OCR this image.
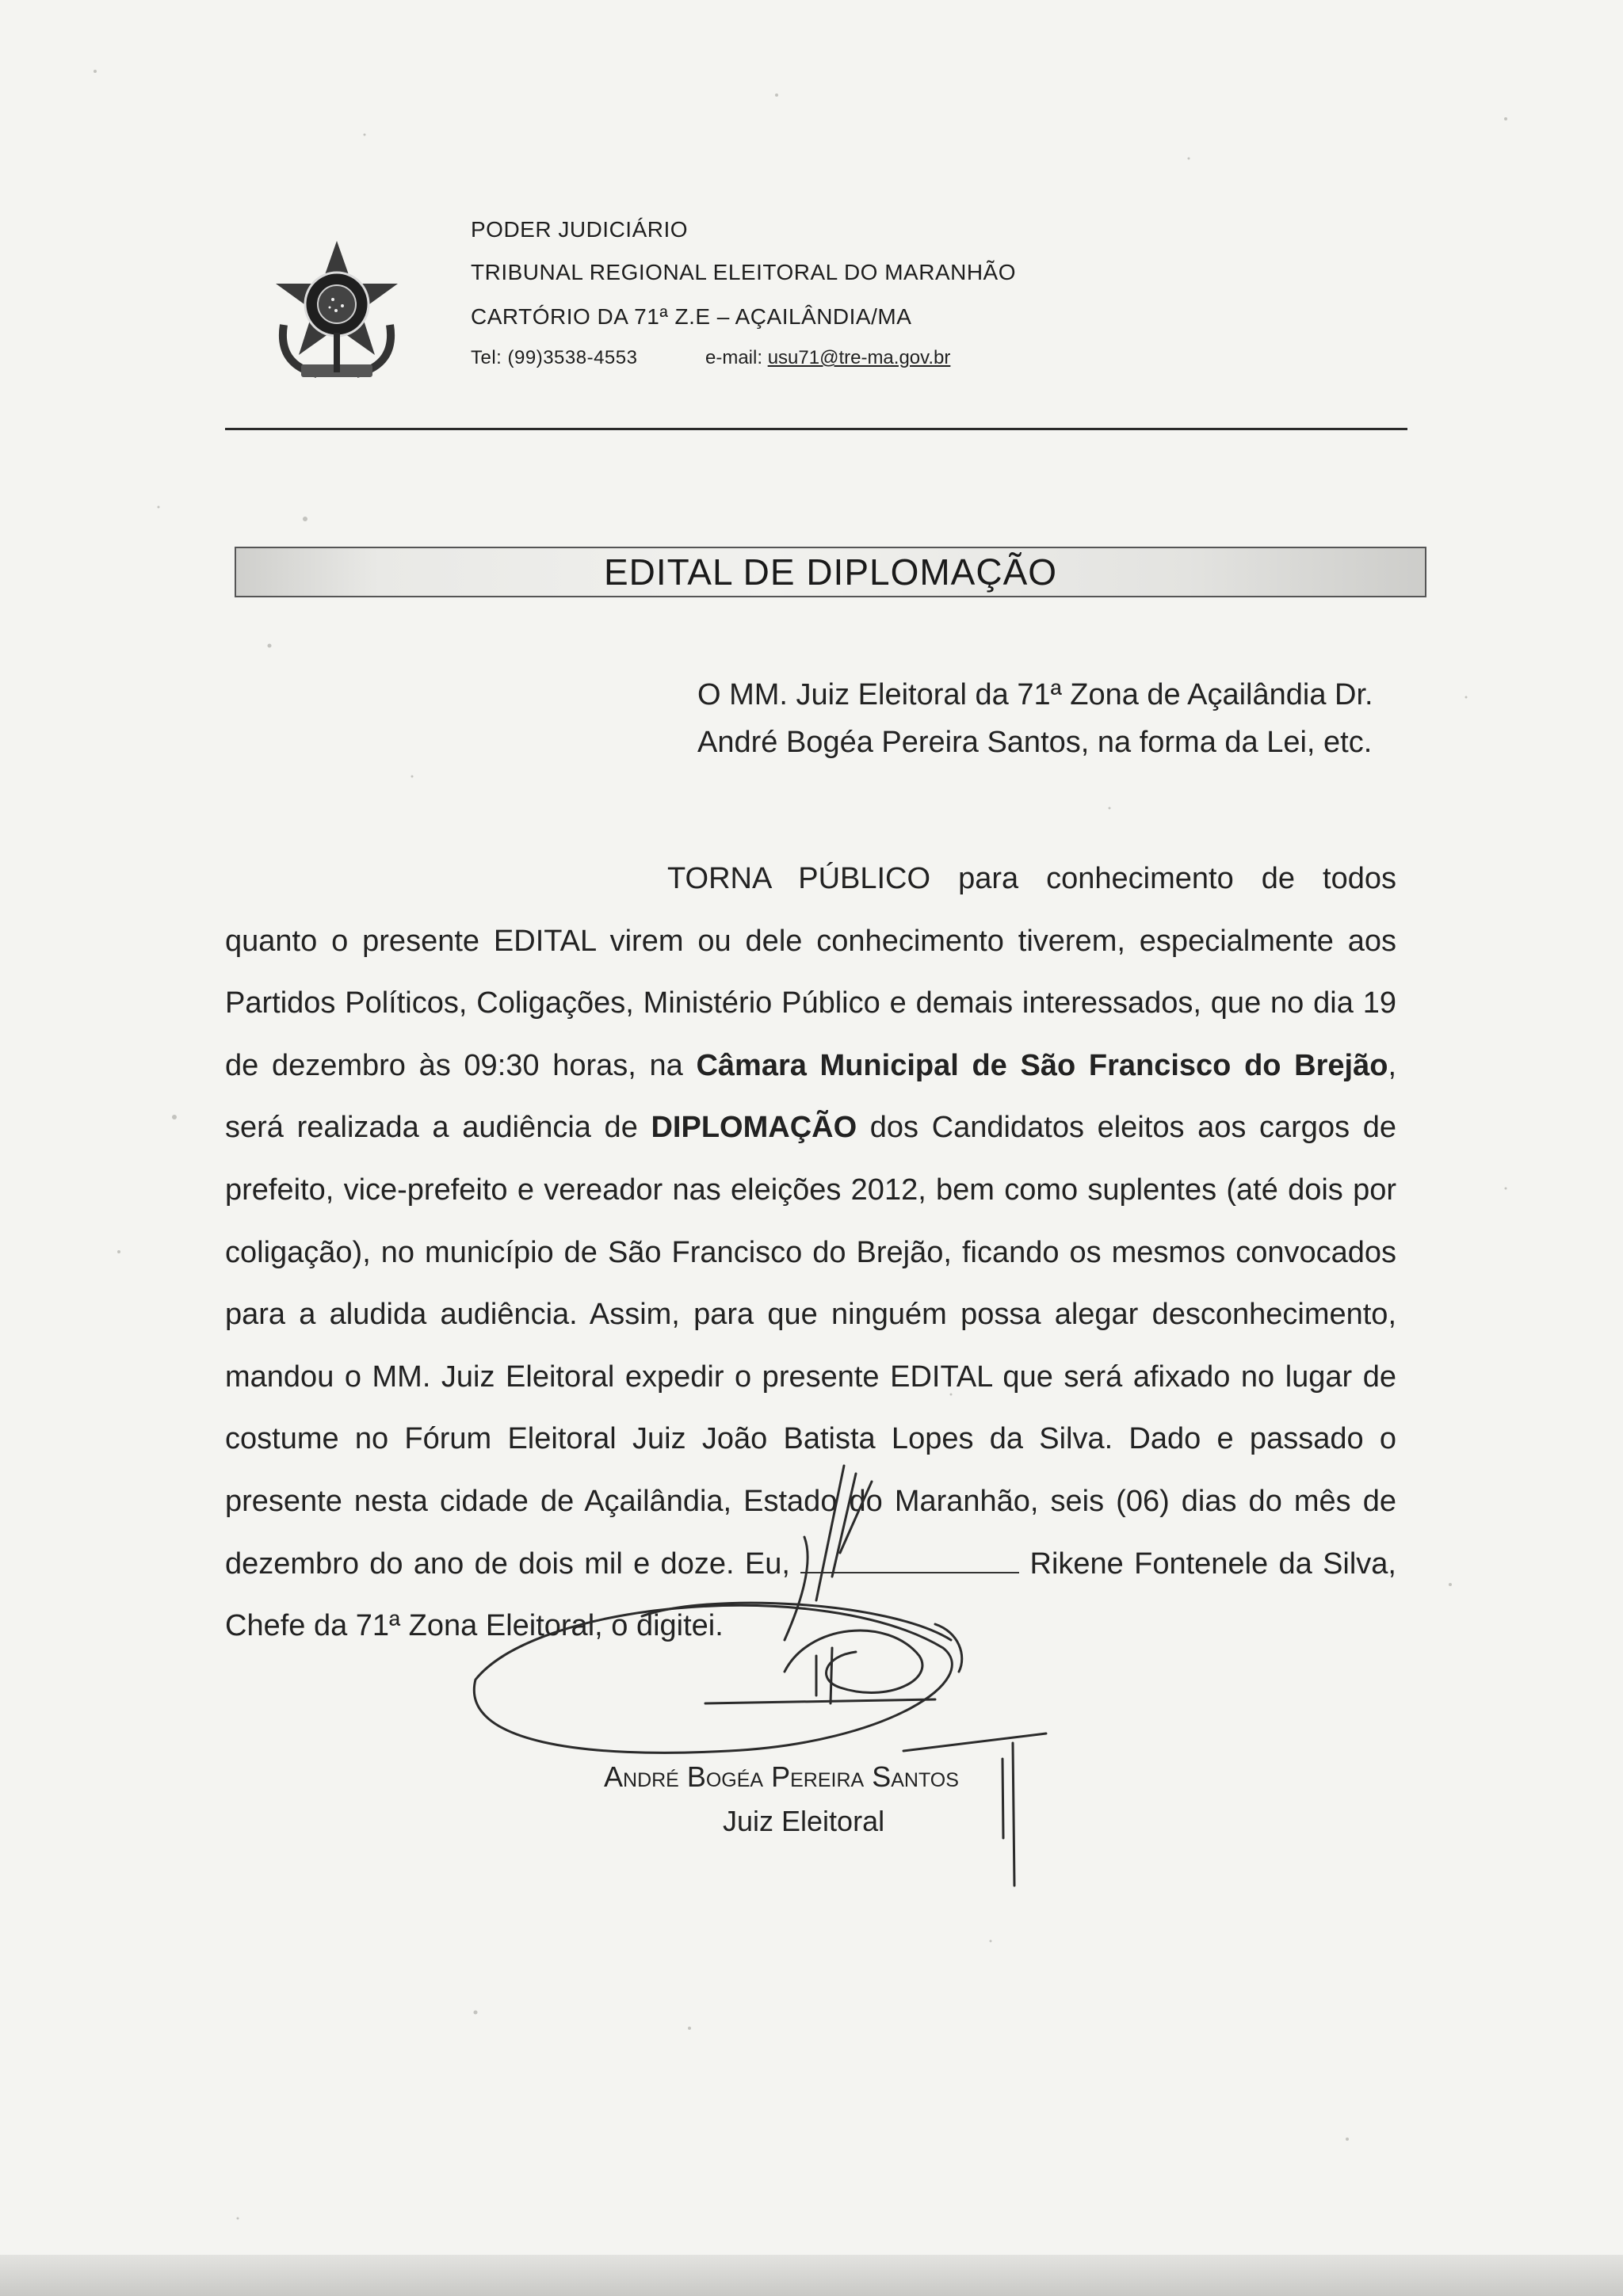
PODER JUDICIÁRIO
TRIBUNAL REGIONAL ELEITORAL DO MARANHÃO
CARTÓRIO DA 71ª Z.E – AÇAILÂNDIA/MA
Tel: (99)3538-4553	e-mail: usu71@tre-ma.gov.br
EDITAL DE DIPLOMAÇÃO
O MM. Juiz Eleitoral da 71ª Zona de Açailândia Dr.
André Bogéa Pereira Santos, na forma da Lei, etc.
TORNA PÚBLICO para conhecimento de todos quanto o presente EDITAL virem ou dele conhecimento tiverem, especialmente aos Partidos Políticos, Coligações, Ministério Público e demais interessados, que no dia 19 de dezembro às 09:30 horas, na Câmara Municipal de São Francisco do Brejão, será realizada a audiência de DIPLOMAÇÃO dos Candidatos eleitos aos cargos de prefeito, vice-prefeito e vereador nas eleições 2012, bem como suplentes (até dois por coligação), no município de São Francisco do Brejão, ficando os mesmos convocados para a aludida audiência. Assim, para que ninguém possa alegar desconhecimento, mandou o MM. Juiz Eleitoral expedir o presente EDITAL que será afixado no lugar de costume no Fórum Eleitoral Juiz João Batista Lopes da Silva. Dado e passado o presente nesta cidade de Açailândia, Estado do Maranhão, seis (06) dias do mês de dezembro do ano de dois mil e doze. Eu,	Rikene Fontenele da Silva, Chefe da 71ª Zona Eleitoral, o digitei.
André Bogéa Pereira Santos
Juiz Eleitoral
